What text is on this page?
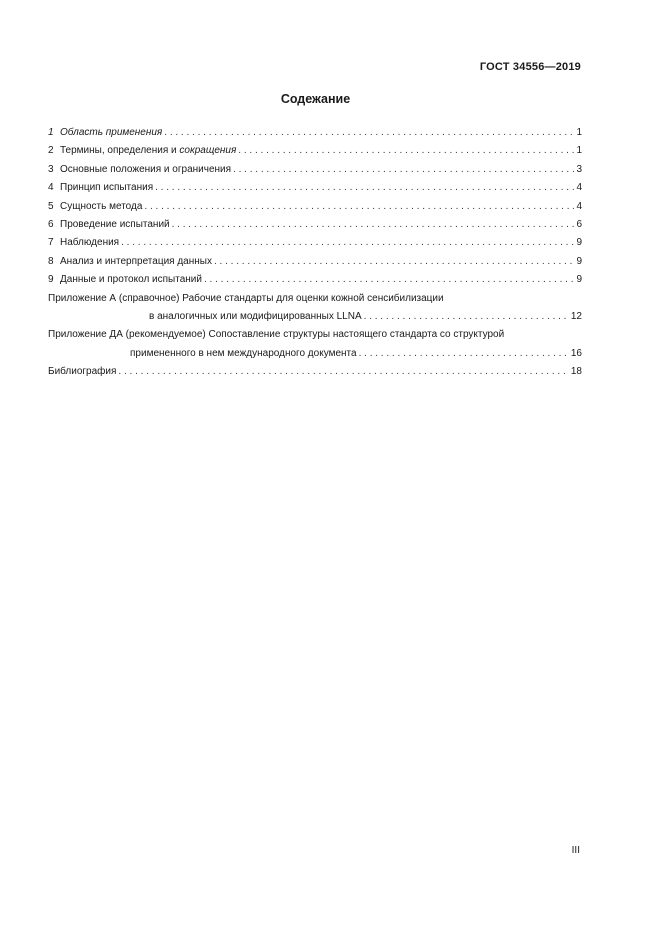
ГОСТ 34556—2019
Содежание
1 Область применения . . .	1
2 Термины, определения и сокращения . . .	1
3 Основные положения и ограничения . . .	3
4 Принцип испытания . . .	4
5 Сущность метода . . .	4
6 Проведение испытаний . . .	6
7 Наблюдения . . .	9
8 Анализ и интерпретация данных . . .	9
9 Данные и протокол испытаний . . .	9
Приложение А (справочное) Рабочие стандарты для оценки кожной сенсибилизации
в аналогичных или модифицированных LLNA . . .	12
Приложение ДА (рекомендуемое) Сопоставление структуры настоящего стандарта со структурой
примененного в нем международного документа . . .	16
Библиография . . .	18
III
